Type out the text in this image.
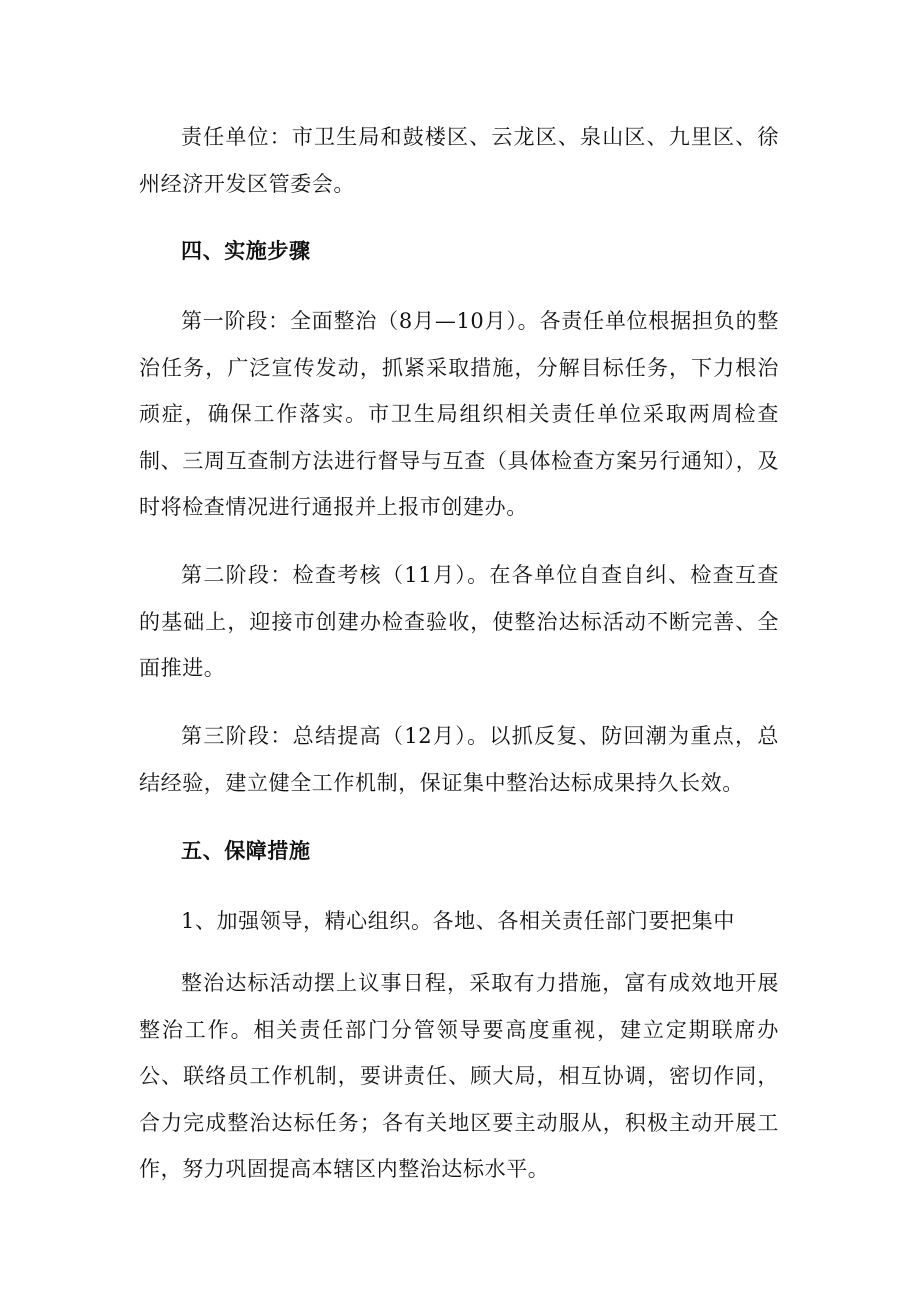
责任单位：市卫生局和鼓楼区、云龙区、泉山区、九里区、徐州经济开发区管委会。

四、实施步骤

第一阶段：全面整治（8月—10月）。各责任单位根据担负的整治任务，广泛宣传发动，抓紧采取措施，分解目标任务，下力根治顽症，确保工作落实。市卫生局组织相关责任单位采取两周检查制、三周互查制方法进行督导与互查（具体检查方案另行通知），及时将检查情况进行通报并上报市创建办。

第二阶段：检查考核（11月）。在各单位自查自纠、检查互查的基础上，迎接市创建办检查验收，使整治达标活动不断完善、全面推进。

第三阶段：总结提高（12月）。以抓反复、防回潮为重点，总结经验，建立健全工作机制，保证集中整治达标成果持久长效。

五、保障措施

1、加强领导，精心组织。各地、各相关责任部门要把集中

整治达标活动摆上议事日程，采取有力措施，富有成效地开展整治工作。相关责任部门分管领导要高度重视，建立定期联席办公、联络员工作机制，要讲责任、顾大局，相互协调，密切作同，合力完成整治达标任务；各有关地区要主动服从，积极主动开展工作，努力巩固提高本辖区内整治达标水平。
